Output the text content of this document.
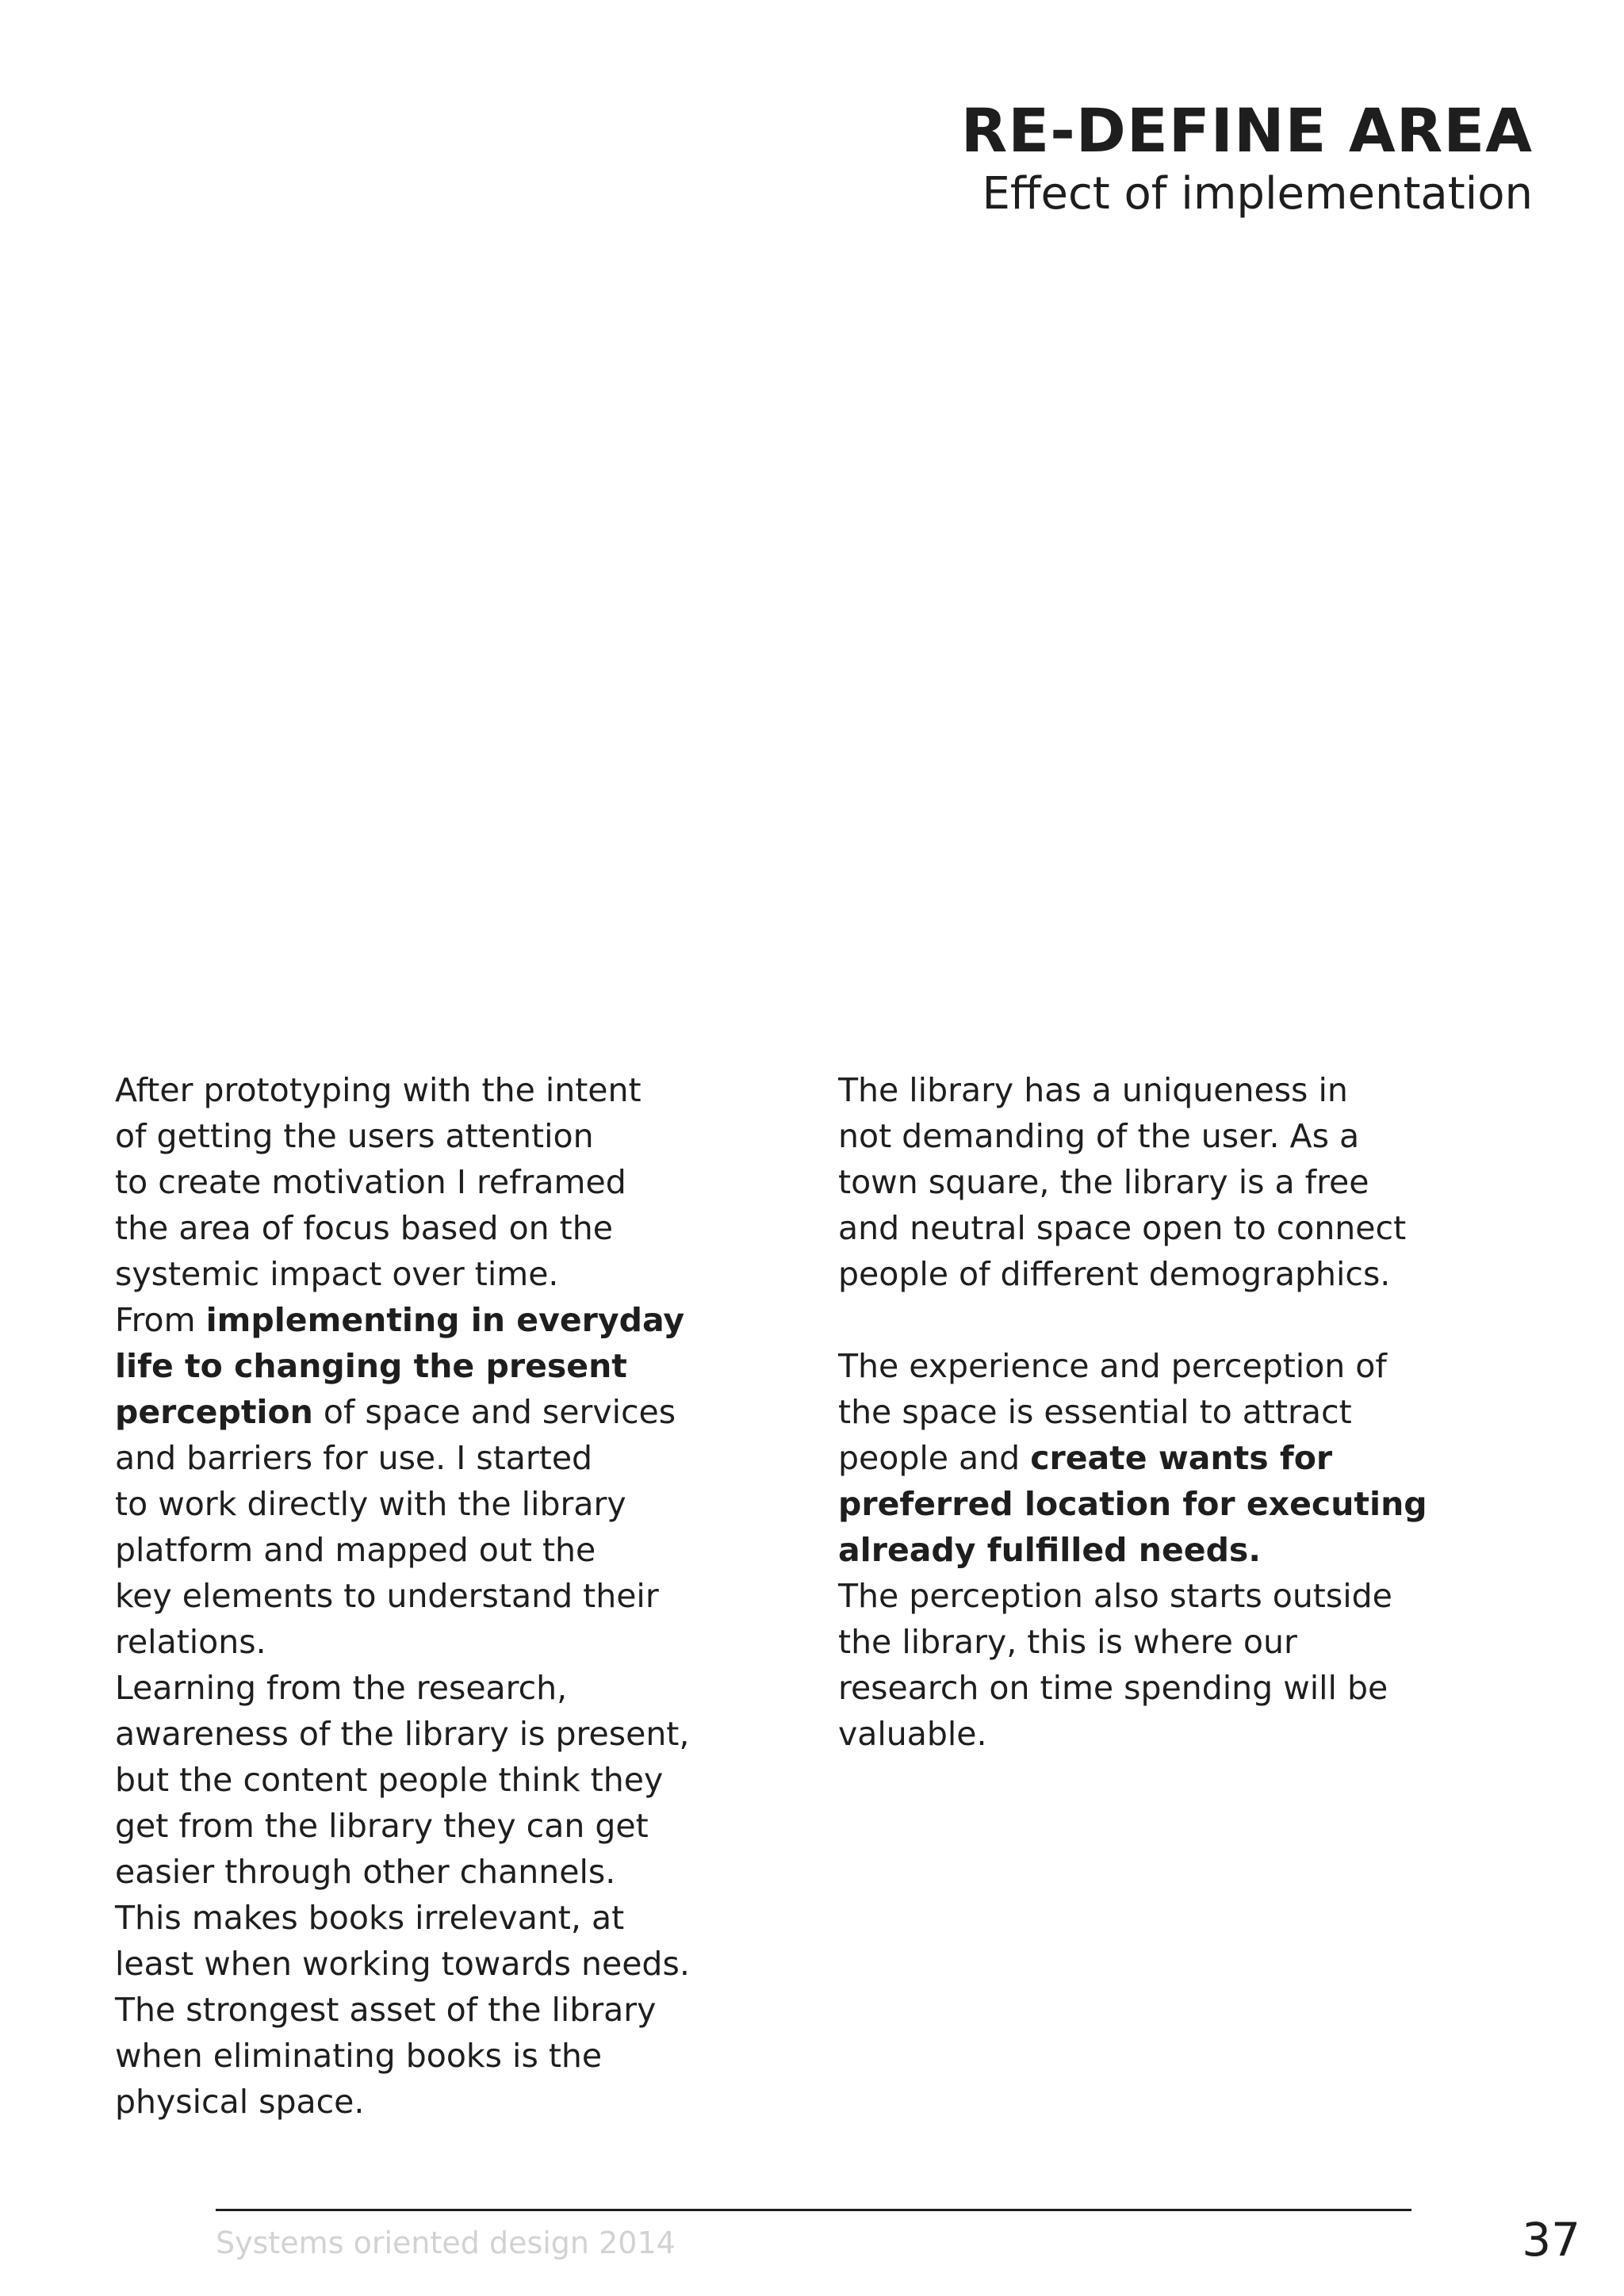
RE-DEFINE AREA
Effect of implementation
After prototyping with the intent
of getting the users attention
to create motivation I reframed
the area of focus based on the
systemic impact over time.
From implementing in everyday
life to changing the present
perception of space and services
and barriers for use. I started
to work directly with the library
platform and mapped out the
key elements to understand their
relations.
Learning from the research,
awareness of the library is present,
but the content people think they
get from the library they can get
easier through other channels.
This makes books irrelevant, at
least when working towards needs.
The strongest asset of the library
when eliminating books is the
physical space.
The library has a uniqueness in
not demanding of the user. As a
town square, the library is a free
and neutral space open to connect
people of different demographics.
The experience and perception of
the space is essential to attract
people and create wants for
preferred location for executing
already fulfilled needs.
The perception also starts outside
the library, this is where our
research on time spending will be
valuable.
Systems oriented design 2014	37
